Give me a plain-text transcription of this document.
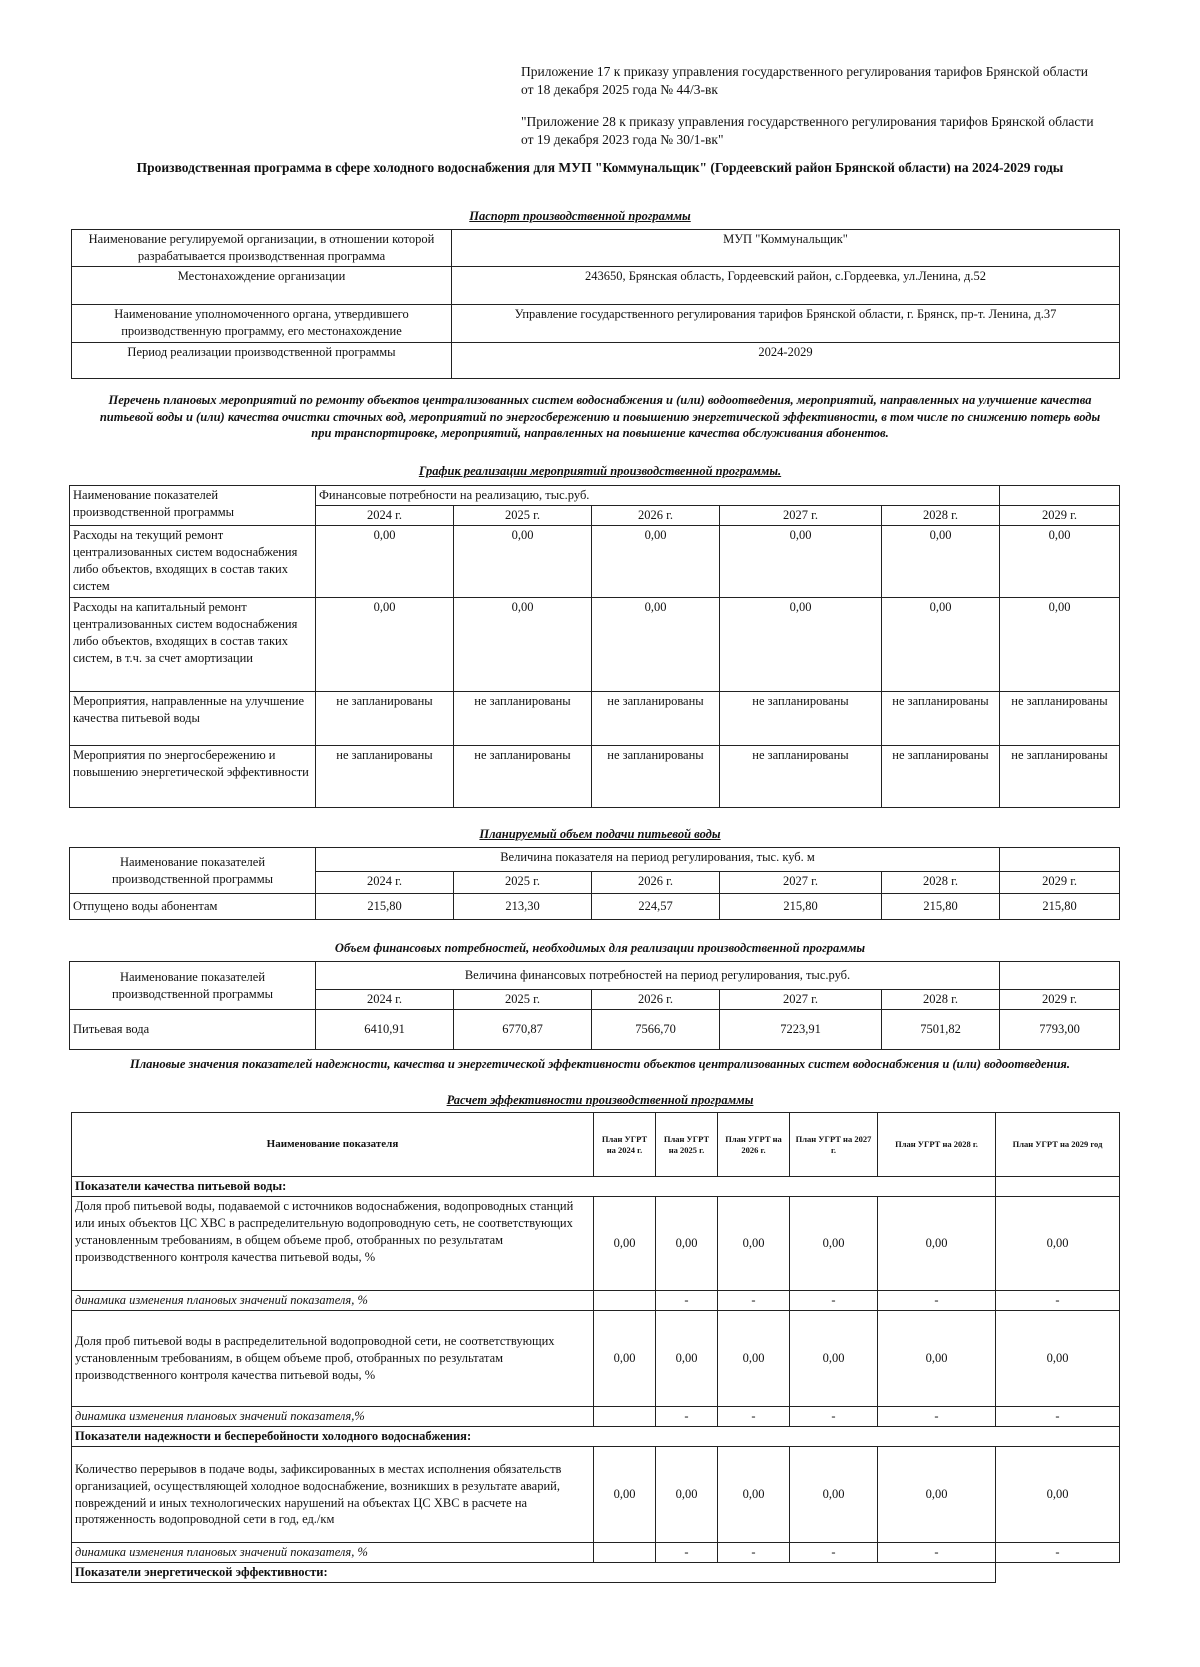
Приложение 17 к приказу управления государственного регулирования тарифов Брянской области от 18 декабря 2025 года № 44/3-вк

"Приложение 28 к приказу управления государственного регулирования тарифов Брянской области от 19 декабря 2023 года № 30/1-вк"

Производственная программа в сфере холодного водоснабжения для МУП "Коммунальщик" (Гордеевский район Брянской области) на 2024-2029 годы
Паспорт производственной программы
Наименование регулируемой организации, в отношении которой разрабатывается производственная программа	МУП "Коммунальщик"
Местонахождение организации	243650, Брянская область, Гордеевский район, с.Гордеевка, ул.Ленина, д.52
Наименование уполномоченного органа, утвердившего производственную программу, его местонахождение	Управление государственного регулирования тарифов Брянской области, г. Брянск, пр-т. Ленина, д.37
Период реализации производственной программы	2024-2029
Перечень плановых мероприятий по ремонту объектов централизованных систем водоснабжения и (или) водоотведения, мероприятий, направленных на улучшение качества питьевой воды и (или) качества очистки сточных вод, мероприятий по энергосбережению и повышению энергетической эффективности, в том числе по снижению потерь воды при транспортировке, мероприятий, направленных на повышение качества обслуживания абонентов.
График реализации мероприятий производственной программы.
Наименование показателей производственной программы	Финансовые потребности на реализацию, тыс.руб.					
	2024 г.	2025 г.	2026 г.	2027 г.	2028 г.	2029 г.
Расходы на текущий ремонт централизованных систем водоснабжения либо объектов, входящих в состав таких систем	0,00	0,00	0,00	0,00	0,00	0,00
Расходы на капитальный ремонт централизованных систем водоснабжения либо объектов, входящих в состав таких систем, в т.ч. за счет амортизации	0,00	0,00	0,00	0,00	0,00	0,00
Мероприятия, направленные на улучшение качества питьевой воды	не запланированы	не запланированы	не запланированы	не запланированы	не запланированы	не запланированы
Мероприятия по энергосбережению и повышению энергетической эффективности	не запланированы	не запланированы	не запланированы	не запланированы	не запланированы	не запланированы
Планируемый объем подачи питьевой воды
Наименование показателей производственной программы	Величина показателя на период регулирования, тыс. куб. м					
	2024 г.	2025 г.	2026 г.	2027 г.	2028 г.	2029 г.
Отпущено воды абонентам	215,80	213,30	224,57	215,80	215,80	215,80
Объем финансовых потребностей, необходимых для реализации производственной программы
Наименование показателей производственной программы	Величина финансовых потребностей на период регулирования, тыс.руб.					
	2024 г.	2025 г.	2026 г.	2027 г.	2028 г.	2029 г.
Питьевая вода	6410,91	6770,87	7566,70	7223,91	7501,82	7793,00
Плановые значения показателей надежности, качества и энергетической эффективности объектов централизованных систем водоснабжения и (или) водоотведения.
Расчет эффективности производственной программы
Наименование показателя	План УГРТ на 2024 г.	План УГРТ на 2025 г.	План УГРТ на 2026 г.	План УГРТ на 2027 г.	План УГРТ на 2028 г.	План УГРТ на 2029 год
Показатели качества питьевой воды:						
Доля проб питьевой воды, подаваемой с источников водоснабжения, водопроводных станций или иных объектов ЦС ХВС в распределительную водопроводную сеть, не соответствующих установленным требованиям, в общем объеме проб, отобранных по результатам производственного контроля качества питьевой воды, %	0,00	0,00	0,00	0,00	0,00	0,00
динамика изменения плановых значений показателя, %		-	-	-	-	-
Доля проб питьевой воды в распределительной водопроводной сети, не соответствующих установленным требованиям, в общем объеме проб, отобранных по результатам производственного контроля качества питьевой воды, %	0,00	0,00	0,00	0,00	0,00	0,00
динамика изменения плановых значений показателя,%		-	-	-	-	-
Показатели надежности и бесперебойности холодного водоснабжения:						
Количество перерывов в подаче воды, зафиксированных в местах исполнения обязательств организацией, осуществляющей холодное водоснабжение, возникших в результате аварий, повреждений и иных технологических нарушений на объектах ЦС ХВС в расчете на протяженность водопроводной сети в год, ед./км	0,00	0,00	0,00	0,00	0,00	0,00
динамика изменения плановых значений показателя, %		-	-	-	-	-
Показатели энергетической эффективности:						
